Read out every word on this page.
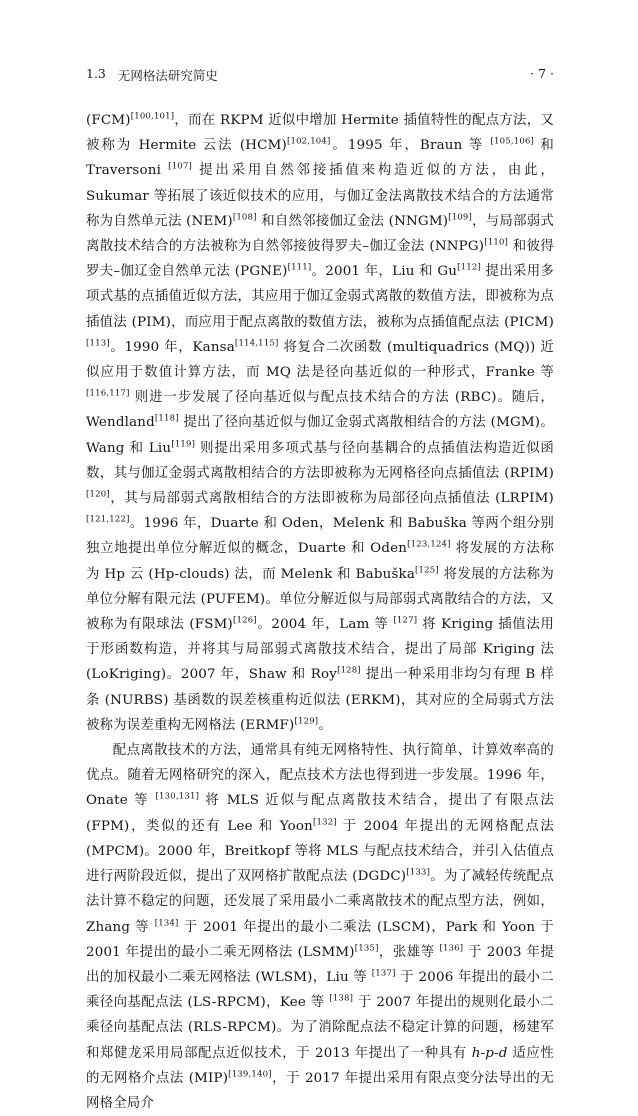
1.3 无网格法研究简史	· 7 ·

(FCM)[100,101]，而在 RKPM 近似中增加 Hermite 插值特性的配点方法，又被称为 Hermite 云法 (HCM)[102,104]。1995 年，Braun 等 [105,106] 和 Traversoni [107] 提出采用自然邻接插值来构造近似的方法，由此，Sukumar 等拓展了该近似技术的应用，与伽辽金法离散技术结合的方法通常称为自然单元法 (NEM)[108] 和自然邻接伽辽金法 (NNGM)[109]，与局部弱式离散技术结合的方法被称为自然邻接彼得罗夫–伽辽金法 (NNPG)[110] 和彼得罗夫–伽辽金自然单元法 (PGNE)[111]。2001 年，Liu 和 Gu[112] 提出采用多项式基的点插值近似方法，其应用于伽辽金弱式离散的数值方法，即被称为点插值法 (PIM)，而应用于配点离散的数值方法，被称为点插值配点法 (PICM)[113]。1990 年，Kansa[114,115] 将复合二次函数 (multiquadrics (MQ)) 近似应用于数值计算方法，而 MQ 法是径向基近似的一种形式，Franke 等 [116,117] 则进一步发展了径向基近似与配点技术结合的方法 (RBC)。随后，Wendland[118] 提出了径向基近似与伽辽金弱式离散相结合的方法 (MGM)。Wang 和 Liu[119] 则提出采用多项式基与径向基耦合的点插值法构造近似函数，其与伽辽金弱式离散相结合的方法即被称为无网格径向点插值法 (RPIM)[120]，其与局部弱式离散相结合的方法即被称为局部径向点插值法 (LRPIM)[121,122]。1996 年，Duarte 和 Oden，Melenk 和 Babuška 等两个组分别独立地提出单位分解近似的概念，Duarte 和 Oden[123,124] 将发展的方法称为 Hp 云 (Hp-clouds) 法，而 Melenk 和 Babuška[125] 将发展的方法称为单位分解有限元法 (PUFEM)。单位分解近似与局部弱式离散结合的方法，又被称为有限球法 (FSM)[126]。2004 年，Lam 等 [127] 将 Kriging 插值法用于形函数构造，并将其与局部弱式离散技术结合，提出了局部 Kriging 法 (LoKriging)。2007 年，Shaw 和 Roy[128] 提出一种采用非均匀有理 B 样条 (NURBS) 基函数的误差核重构近似法 (ERKM)，其对应的全局弱式方法被称为误差重构无网格法 (ERMF)[129]。

配点离散技术的方法，通常具有纯无网格特性、执行简单、计算效率高的优点。随着无网格研究的深入，配点技术方法也得到进一步发展。1996 年，Onate 等 [130,131] 将 MLS 近似与配点离散技术结合，提出了有限点法 (FPM)，类似的还有 Lee 和 Yoon[132] 于 2004 年提出的无网格配点法 (MPCM)。2000 年，Breitkopf 等将 MLS 与配点技术结合，并引入估值点进行两阶段近似，提出了双网格扩散配点法 (DGDC)[133]。为了减轻传统配点法计算不稳定的问题，还发展了采用最小二乘离散技术的配点型方法，例如，Zhang 等 [134] 于 2001 年提出的最小二乘法 (LSCM)，Park 和 Yoon 于 2001 年提出的最小二乘无网格法 (LSMM)[135]，张雄等 [136] 于 2003 年提出的加权最小二乘无网格法 (WLSM)，Liu 等 [137] 于 2006 年提出的最小二乘径向基配点法 (LS-RPCM)，Kee 等 [138] 于 2007 年提出的规则化最小二乘径向基配点法 (RLS-RPCM)。为了消除配点法不稳定计算的问题，杨建军和郑健龙采用局部配点近似技术，于 2013 年提出了一种具有 h-p-d 适应性的无网格介点法 (MIP)[139,140]，于 2017 年提出采用有限点变分法导出的无网格全局介
